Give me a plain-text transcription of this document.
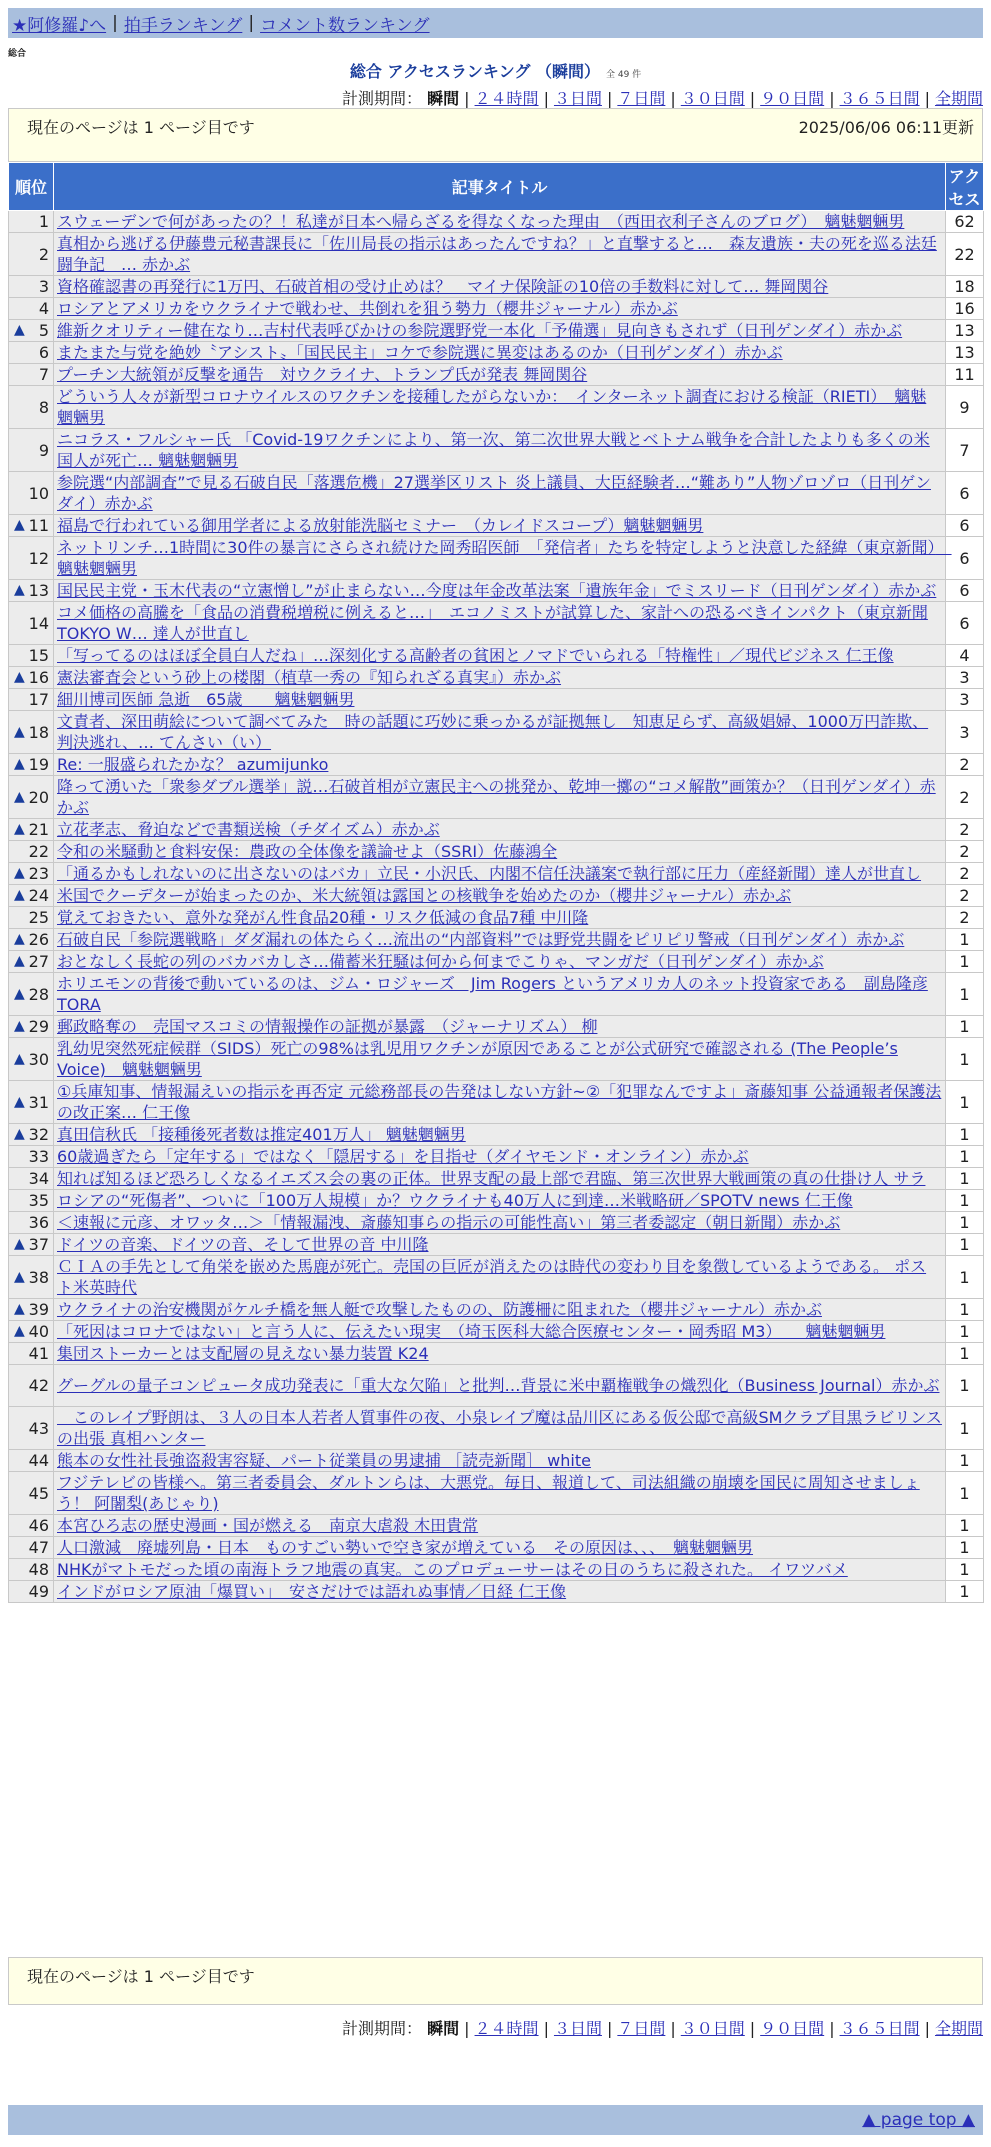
★阿修羅♪へ | 拍手ランキング | コメント数ランキング
総合
総合 アクセスランキング （瞬間） 全 49 件
計測期間： 瞬間 | ２４時間 | ３日間 | ７日間 | ３０日間 | ９０日間 | ３６５日間 | 全期間
現在のページは 1 ページ目です	2025/06/06 06:11更新
順位	記事タイトル	アクセス
1	スウェーデンで何があったの？！私達が日本へ帰らざるを得なくなった理由　（西田衣利子さんのブログ）　魑魅魍魎男	62
2	真相から逃げる伊藤豊元秘書課長に「佐川局長の指示はあったんですね？」と直撃すると…　森友遺族・夫の死を巡る法廷闘争記　… 赤かぶ	22
3	資格確認書の再発行に1万円、石破首相の受け止めは？　マイナ保険証の10倍の手数料に対して… 舞岡関谷	18
4	ロシアとアメリカをウクライナで戦わせ、共倒れを狙う勢力（櫻井ジャーナル）赤かぶ	16

▲ 5	維新クオリティー健在なり…吉村代表呼びかけの参院選野党一本化「予備選」見向きもされず（日刊ゲンダイ）赤かぶ	13
6	またまた与党を絶妙〝アシスト〟「国民民主」コケで参院選に異変はあるのか（日刊ゲンダイ）赤かぶ	13
7	プーチン大統領が反撃を通告　対ウクライナ、トランプ氏が発表 舞岡関谷	11
8	どういう人々が新型コロナウイルスのワクチンを接種したがらないか：　インターネット調査における検証（RIETI）　魑魅魍魎男	9
9	ニコラス・フルシャー氏 「Covid-19ワクチンにより、第一次、第二次世界大戦とベトナム戦争を合計したよりも多くの米国人が死亡… 魑魅魍魎男	7
10	参院選“内部調査”で見る石破自民「落選危機」27選挙区リスト 炎上議員、大臣経験者…“難あり”人物ゾロゾロ（日刊ゲンダイ）赤かぶ	6

▲ 11	福島で行われている御用学者による放射能洗脳セミナー　（カレイドスコープ）魑魅魍魎男	6
12	ネットリンチ…1時間に30件の暴言にさらされ続けた岡秀昭医師　「発信者」たちを特定しようと決意した経緯（東京新聞）　魑魅魍魎男	6

▲ 13	国民民主党・玉木代表の“立憲憎し”が止まらない…今度は年金改革法案「遺族年金」でミスリード（日刊ゲンダイ）赤かぶ	6
14	コメ価格の高騰を「食品の消費税増税に例えると…」　エコノミストが試算した、家計への恐るべきインパクト（東京新聞 TOKYO W… 達人が世直し	6
15	「写ってるのはほぼ全員白人だね」…深刻化する高齢者の貧困とノマドでいられる「特権性」／現代ビジネス 仁王像	4

▲ 16	憲法審査会という砂上の楼閣（植草一秀の『知られざる真実』）赤かぶ	3
17	細川博司医師 急逝　65歳　　魑魅魍魎男	3

▲ 18	文責者、深田萌絵について調べてみた　時の話題に巧妙に乗っかるが証拠無し　知恵足らず、高級娼婦、1000万円詐欺、判決逃れ、… てんさい（い）	3

▲ 19	Re: 一服盛られたかな？ azumijunko	2

▲ 20	降って湧いた「衆参ダブル選挙」説…石破首相が立憲民主への挑発か、乾坤一擲の“コメ解散”画策か？（日刊ゲンダイ）赤かぶ	2

▲ 21	立花孝志、脅迫などで書類送検（チダイズム）赤かぶ	2
22	令和の米騒動と食料安保：農政の全体像を議論せよ（SSRI）佐藤鴻全	2

▲ 23	「通るかもしれないのに出さないのはバカ」立民・小沢氏、内閣不信任決議案で執行部に圧力（産経新聞）達人が世直し	2

▲ 24	米国でクーデターが始まったのか、米大統領は露国との核戦争を始めたのか（櫻井ジャーナル）赤かぶ	2
25	覚えておきたい、意外な発がん性食品20種・リスク低減の食品7種 中川隆	2

▲ 26	石破自民「参院選戦略」ダダ漏れの体たらく…流出の“内部資料”では野党共闘をピリピリ警戒（日刊ゲンダイ）赤かぶ	1

▲ 27	おとなしく長蛇の列のバカバカしさ…備蓄米狂騒は何から何までこりゃ、マンガだ（日刊ゲンダイ）赤かぶ	1

▲ 28	ホリエモンの背後で動いているのは、ジム・ロジャーズ　Jim Rogers というアメリカ人のネット投資家である　副島隆彦 TORA	1

▲ 29	郵政略奪の　売国マスコミの情報操作の証拠が暴露　（ジャーナリズム） 柳	1

▲ 30	乳幼児突然死症候群（SIDS）死亡の98%は乳児用ワクチンが原因であることが公式研究で確認される (The People’s Voice)　魑魅魍魎男	1

▲ 31	①兵庫知事、情報漏えいの指示を再否定 元総務部長の告発はしない方針~②「犯罪なんですよ」斎藤知事 公益通報者保護法の改正案… 仁王像	1

▲ 32	真田信秋氏 「接種後死者数は推定401万人」 魑魅魍魎男	1
33	60歳過ぎたら「定年する」ではなく「隠居する」を目指せ（ダイヤモンド・オンライン）赤かぶ	1
34	知れば知るほど恐ろしくなるイエズス会の裏の正体。世界支配の最上部で君臨、第三次世界大戦画策の真の仕掛け人 サラ	1
35	ロシアの“死傷者”、ついに「100万人規模」か？ウクライナも40万人に到達…米戦略研／SPOTV news 仁王像	1
36	＜速報に元彦、オワッタ…＞「情報漏洩、斎藤知事らの指示の可能性高い」第三者委認定（朝日新聞）赤かぶ	1

▲ 37	ドイツの音楽、ドイツの音、そして世界の音 中川隆	1

▲ 38	ＣＩＡの手先として角栄を嵌めた馬鹿が死亡。売国の巨匠が消えたのは時代の変わり目を象徴しているようである。 ポスト米英時代	1

▲ 39	ウクライナの治安機関がケルチ橋を無人艇で攻撃したものの、防護柵に阻まれた（櫻井ジャーナル）赤かぶ	1

▲ 40	「死因はコロナではない」と言う人に、伝えたい現実　（埼玉医科大総合医療センター・岡秀昭 M3）　　魑魅魍魎男	1
41	集団ストーカーとは支配層の見えない暴力装置 K24	1
42	グーグルの量子コンピュータ成功発表に「重大な欠陥」と批判…背景に米中覇権戦争の熾烈化（Business Journal）赤かぶ	1
43	　このレイプ野朗は、３人の日本人若者人質事件の夜、小泉レイプ魔は品川区にある仮公邸で高級SMクラブ目黒ラビリンスの出張 真相ハンター	1
44	熊本の女性社長強盗殺害容疑、パート従業員の男逮捕 ［読売新聞］ white	1
45	フジテレビの皆様へ。第三者委員会、ダルトンらは、大悪党。毎日、報道して、司法組織の崩壊を国民に周知させましょう！ 阿闍梨(あじゃり)	1
46	本宮ひろ志の歴史漫画・国が燃える　南京大虐殺 木田貴常	1
47	人口激減　廃墟列島・日本　ものすごい勢いで空き家が増えている　その原因は、、、　魑魅魍魎男	1
48	NHKがマトモだった頃の南海トラフ地震の真実。このプロデューサーはその日のうちに殺された。 イワツバメ	1
49	インドがロシア原油「爆買い」　安さだけでは語れぬ事情／日経 仁王像	1
現在のページは 1 ページ目です
計測期間： 瞬間 | ２４時間 | ３日間 | ７日間 | ３０日間 | ９０日間 | ３６５日間 | 全期間
▲ page top ▲
